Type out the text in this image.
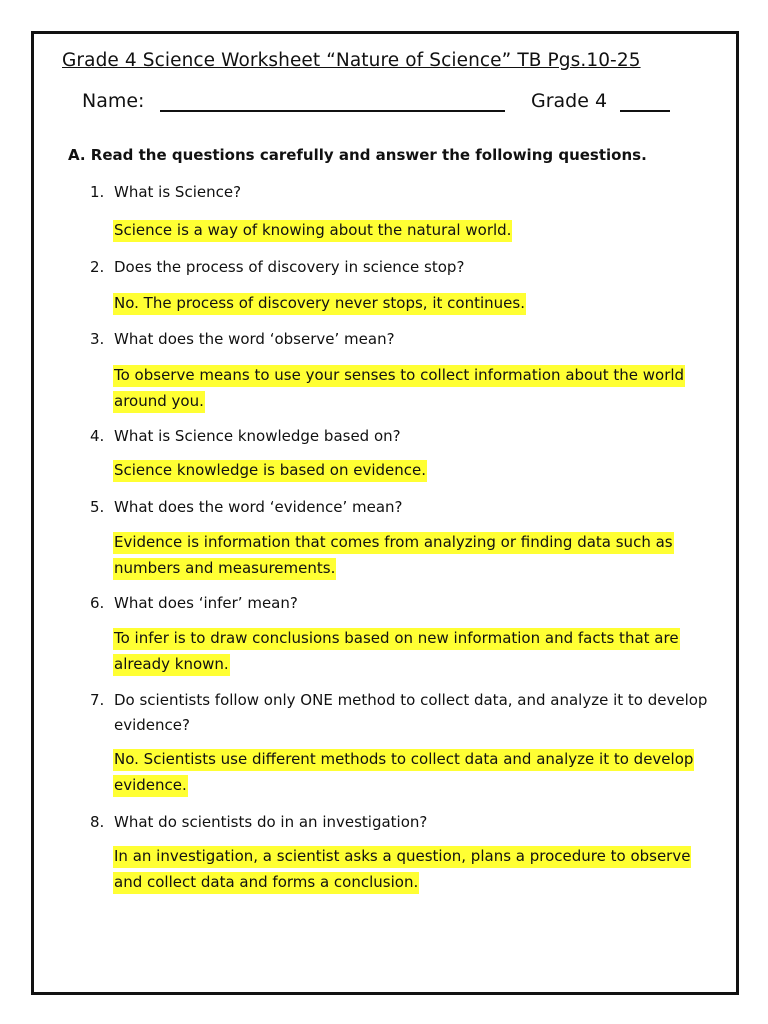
Grade 4 Science Worksheet “Nature of Science” TB Pgs.10-25
Name:	Grade 4
A. Read the questions carefully and answer the following questions.
1. What is Science?
Science is a way of knowing about the natural world.
2. Does the process of discovery in science stop?
No. The process of discovery never stops, it continues.
3. What does the word ‘observe’ mean?
To observe means to use your senses to collect information about the world around you.
4. What is Science knowledge based on?
Science knowledge is based on evidence.
5. What does the word ‘evidence’ mean?
Evidence is information that comes from analyzing or finding data such as numbers and measurements.
6. What does ‘infer’ mean?
To infer is to draw conclusions based on new information and facts that are already known.
7. Do scientists follow only ONE method to collect data, and analyze it to develop evidence?
No. Scientists use different methods to collect data and analyze it to develop evidence.
8. What do scientists do in an investigation?
In an investigation, a scientist asks a question, plans a procedure to observe and collect data and forms a conclusion.
